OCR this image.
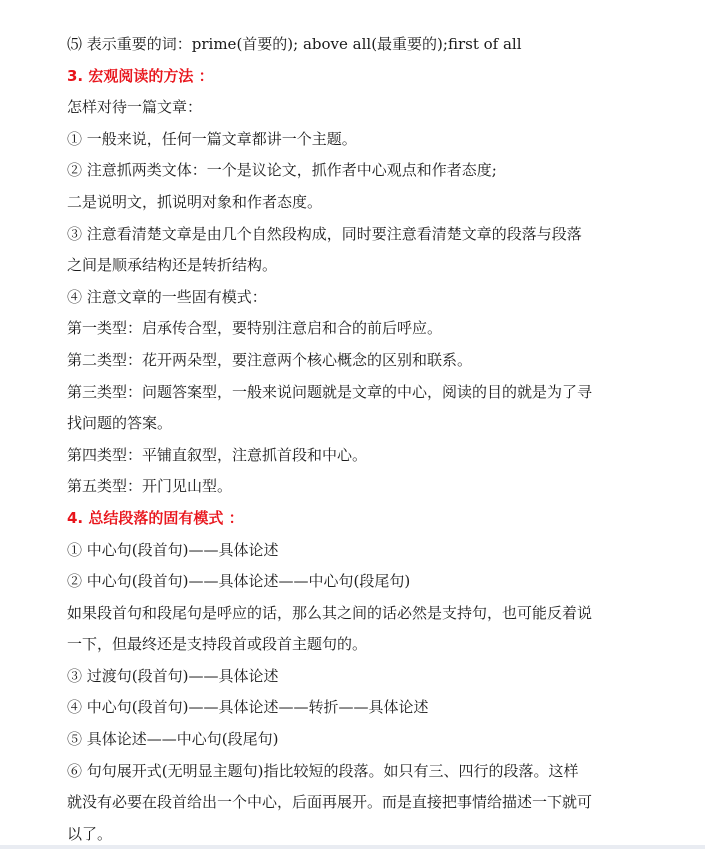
⑸ 表示重要的词：prime(首要的); above all(最重要的);first of all
3. 宏观阅读的方法 ：
怎样对待一篇文章：
① 一般来说，任何一篇文章都讲一个主题。
② 注意抓两类文体：一个是议论文，抓作者中心观点和作者态度;
二是说明文，抓说明对象和作者态度。
③ 注意看清楚文章是由几个自然段构成，同时要注意看清楚文章的段落与段落
之间是顺承结构还是转折结构。
④ 注意文章的一些固有模式：
第一类型：启承传合型，要特别注意启和合的前后呼应。
第二类型：花开两朵型，要注意两个核心概念的区别和联系。
第三类型：问题答案型，一般来说问题就是文章的中心，阅读的目的就是为了寻
找问题的答案。
第四类型：平铺直叙型，注意抓首段和中心。
第五类型：开门见山型。
4. 总结段落的固有模式 ：
① 中心句(段首句)——具体论述
② 中心句(段首句)——具体论述——中心句(段尾句)
如果段首句和段尾句是呼应的话，那么其之间的话必然是支持句，也可能反着说
一下，但最终还是支持段首或段首主题句的。
③ 过渡句(段首句)——具体论述
④ 中心句(段首句)——具体论述——转折——具体论述
⑤ 具体论述——中心句(段尾句)
⑥ 句句展开式(无明显主题句)指比较短的段落。如只有三、四行的段落。这样
就没有必要在段首给出一个中心，后面再展开。而是直接把事情给描述一下就可
以了。
